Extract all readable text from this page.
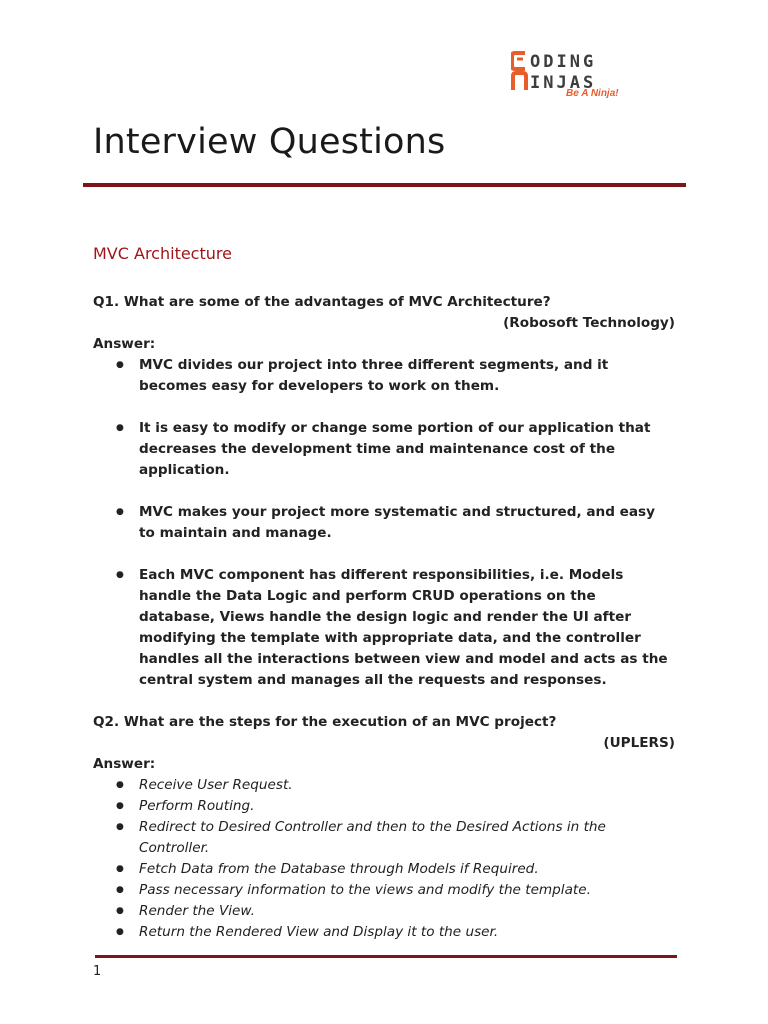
ODING
INJAS
Be A Ninja!
Interview Questions
MVC Architecture

Q1. What are some of the advantages of MVC Architecture?

(Robosoft Technology)

Answer:

● MVC divides our project into three different segments, and it becomes easy for developers to work on them.
● It is easy to modify or change some portion of our application that decreases the development time and maintenance cost of the application.
● MVC makes your project more systematic and structured, and easy to maintain and manage.
● Each MVC component has different responsibilities, i.e. Models handle the Data Logic and perform CRUD operations on the database, Views handle the design logic and render the UI after modifying the template with appropriate data, and the controller handles all the interactions between view and model and acts as the central system and manages all the requests and responses.

Q2. What are the steps for the execution of an MVC project?

(UPLERS)

Answer:

● Receive User Request.
● Perform Routing.
● Redirect to Desired Controller and then to the Desired Actions in the Controller.
● Fetch Data from the Database through Models if Required.
● Pass necessary information to the views and modify the template.
● Render the View.
● Return the Rendered View and Display it to the user.
1
